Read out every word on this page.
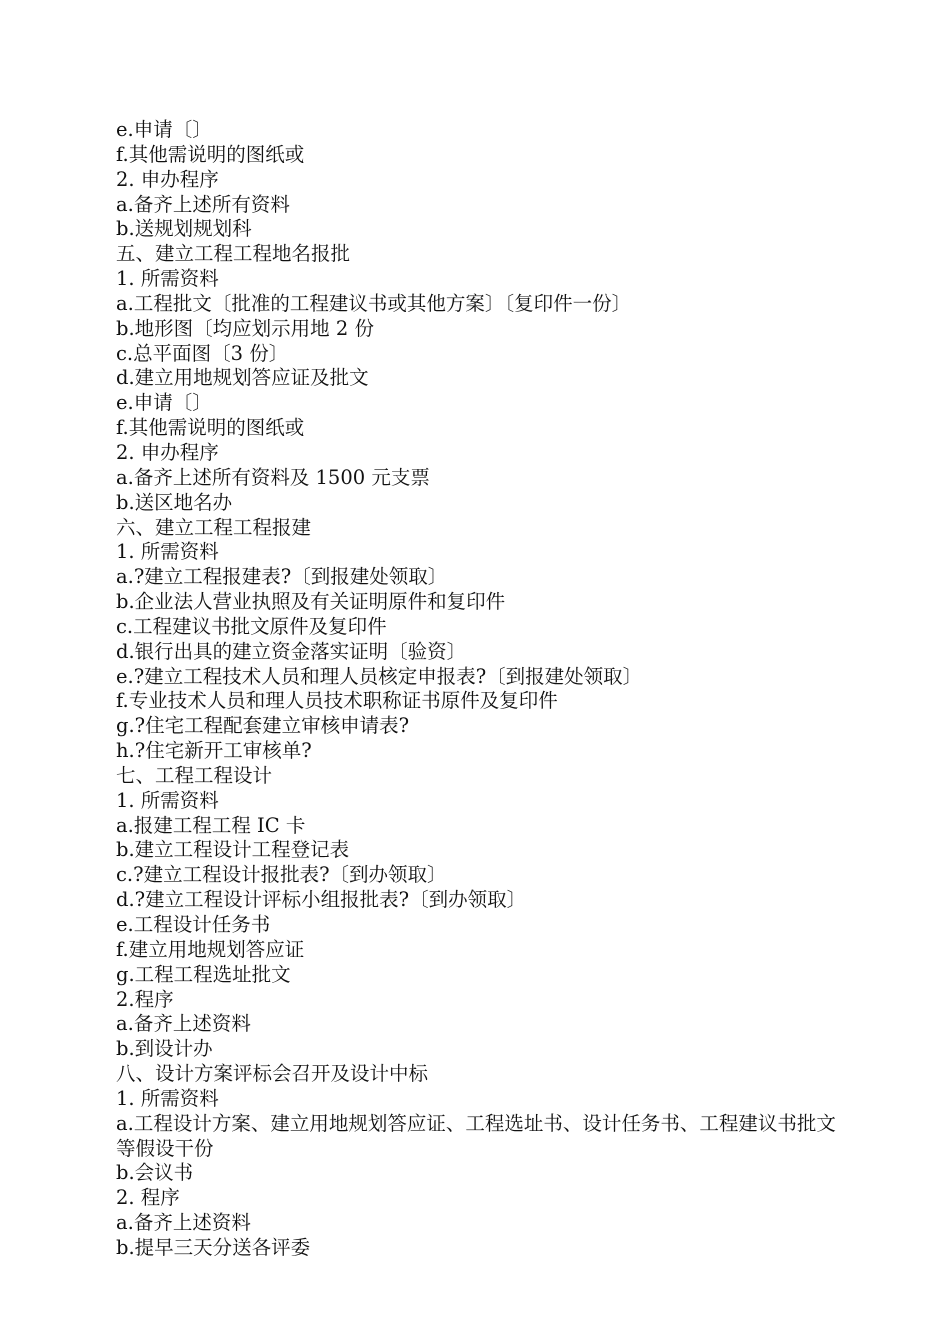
e.申请〔〕
f.其他需说明的图纸或
2. 申办程序
a.备齐上述所有资料
b.送规划规划科
五、建立工程工程地名报批
1. 所需资料
a.工程批文〔批准的工程建议书或其他方案〕〔复印件一份〕
b.地形图〔均应划示用地 2 份
c.总平面图〔3 份〕
d.建立用地规划答应证及批文
e.申请〔〕
f.其他需说明的图纸或
2. 申办程序
a.备齐上述所有资料及 1500 元支票
b.送区地名办
六、建立工程工程报建
1. 所需资料
a.?建立工程报建表?〔到报建处领取〕
b.企业法人营业执照及有关证明原件和复印件
c.工程建议书批文原件及复印件
d.银行出具的建立资金落实证明〔验资〕
e.?建立工程技术人员和理人员核定申报表?〔到报建处领取〕
f.专业技术人员和理人员技术职称证书原件及复印件
g.?住宅工程配套建立审核申请表?
h.?住宅新开工审核单?
七、工程工程设计
1. 所需资料
a.报建工程工程 IC 卡
b.建立工程设计工程登记表
c.?建立工程设计报批表?〔到办领取〕
d.?建立工程设计评标小组报批表?〔到办领取〕
e.工程设计任务书
f.建立用地规划答应证
g.工程工程选址批文
2.程序
a.备齐上述资料
b.到设计办
八、设计方案评标会召开及设计中标
1. 所需资料
a.工程设计方案、建立用地规划答应证、工程选址书、设计任务书、工程建议书批文等假设干份
b.会议书
2. 程序
a.备齐上述资料
b.提早三天分送各评委
